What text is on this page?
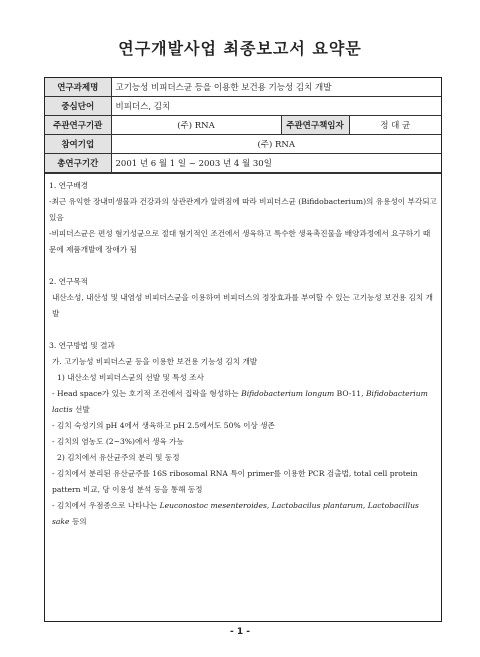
연구개발사업 최종보고서 요약문
연구과제명	고기능성 비피더스균 등을 이용한 보건용 기능성 김치 개발		
중심단어	비피더스, 김치		
주관연구기관	(주) RNA	주관연구책임자	정 대 균
참여기업	(주) RNA		
총연구기간	2001 년 6 월 1 일 ~ 2003 년 4 월 30일		

1. 연구배경

-최근 유익한 장내미생물과 건강과의 상관관계가 알려짐에 따라 비피더스균 (Bifidobacterium)의 유용성이 부각되고 있음

-비피더스균은 편성 혐기성균으로 절대 혐기적인 조건에서 생육하고 특수한 생육촉진물을 배양과정에서 요구하기 때문에 제품개발에 장애가 됨

2. 연구목적

내산소성, 내산성 및 내염성 비피더스균을 이용하여 비피더스의 정장효과를 부여할 수 있는 고기능성 보건용 김치 개발

3. 연구방법 및 결과

가. 고기능성 비피더스균 등을 이용한 보건용 기능성 김치 개발

1) 내산소성 비피더스균의 선발 및 특성 조사

- Head space가 있는 호기적 조건에서 집락을 형성하는 Bifidobacterium longum BO-11, Bifidobacterium lactis 선발

- 김치 숙성기의 pH 4에서 생육하고 pH 2.5에서도 50% 이상 생존

- 김치의 염농도 (2~3%)에서 생육 가능

2) 김치에서 유산균주의 분리 및 동정

- 김치에서 분리된 유산균주를 16S ribosomal RNA 특이 primer를 이용한 PCR 검출법, total cell protein pattern 비교, 당 이용성 분석 등을 통해 동정

- 김치에서 우점종으로 나타나는 Leuconostoc mesenteroides, Lactobacilus plantarum, Lactobacillus sake 등의

- 1 -
